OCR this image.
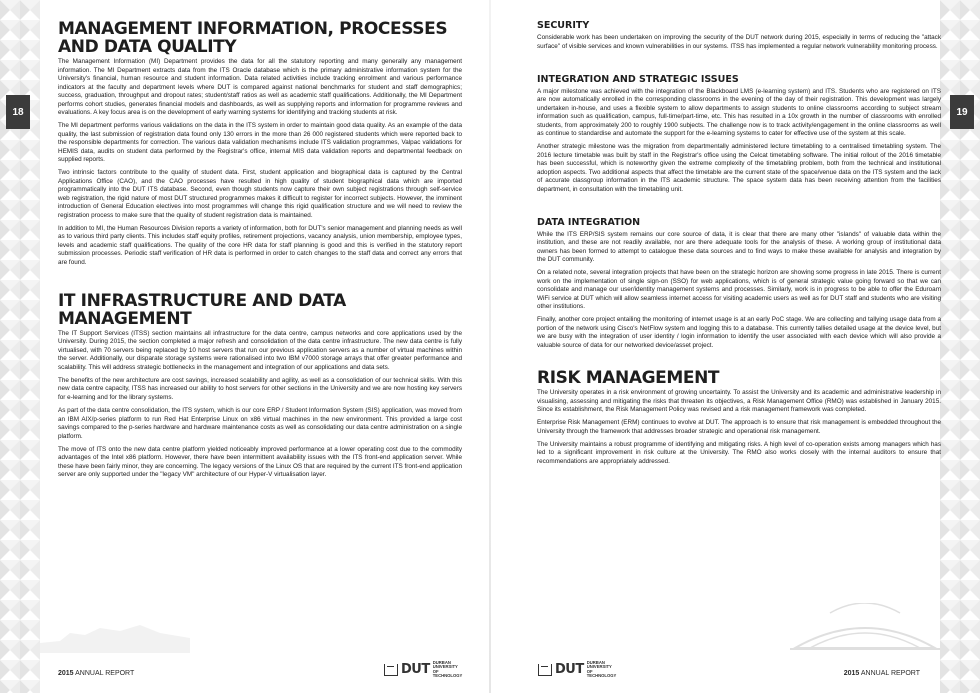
18	19
MANAGEMENT INFORMATION, PROCESSES AND DATA QUALITY

The Management Information (MI) Department provides the data for all the statutory reporting and many generally any management information. The MI Department extracts data from the ITS Oracle database which is the primary administrative information system for the University's financial, human resource and student information. Data related activities include tracking enrolment and various performance indicators at the faculty and department levels where DUT is compared against national benchmarks for student and staff demographics; success, graduation, throughput and dropout rates; student/staff ratios as well as academic staff qualifications. Additionally, the MI Department performs cohort studies, generates financial models and dashboards, as well as supplying reports and information for programme reviews and evaluations. A key focus area is on the development of early warning systems for identifying and tracking students at risk.

The MI department performs various validations on the data in the ITS system in order to maintain good data quality. As an example of the data quality, the last submission of registration data found only 130 errors in the more than 26 000 registered students which were reported back to the responsible departments for correction. The various data validation mechanisms include ITS validation programmes, Valpac validations for HEMIS data, audits on student data performed by the Registrar's office, internal MIS data validation reports and departmental feedback on supplied reports.

Two intrinsic factors contribute to the quality of student data. First, student application and biographical data is captured by the Central Applications Office (CAO), and the CAO processes have resulted in high quality of student biographical data which are imported programmatically into the DUT ITS database. Second, even though students now capture their own subject registrations through self-service web registration, the rigid nature of most DUT structured programmes makes it difficult to register for incorrect subjects. However, the imminent introduction of General Education electives into most programmes will change this rigid qualification structure and we will need to review the registration process to make sure that the quality of student registration data is maintained.

In addition to MI, the Human Resources Division reports a variety of information, both for DUT's senior management and planning needs as well as to various third party clients. This includes staff equity profiles, retirement projections, vacancy analysis, union membership, employee types, levels and academic staff qualifications. The quality of the core HR data for staff planning is good and this is verified in the statutory report submission processes. Periodic staff verification of HR data is performed in order to catch changes to the staff data and correct any errors that are found.

IT INFRASTRUCTURE AND DATA MANAGEMENT

The IT Support Services (ITSS) section maintains all infrastructure for the data centre, campus networks and core applications used by the University. During 2015, the section completed a major refresh and consolidation of the data centre infrastructure. The new data centre is fully virtualised, with 70 servers being replaced by 10 host servers that run our previous application servers as a number of virtual machines within the server. Additionally, our disparate storage systems were rationalised into two IBM v7000 storage arrays that offer greater performance and scalability. This will address strategic bottlenecks in the management and integration of our applications and data sets.

The benefits of the new architecture are cost savings, increased scalability and agility, as well as a consolidation of our technical skills. With this new data centre capacity, ITSS has increased our ability to host servers for other sections in the University and we are now hosting key servers for e-learning and for the library systems.

As part of the data centre consolidation, the ITS system, which is our core ERP / Student Information System (SIS) application, was moved from an IBM AIX/p-series platform to run Red Hat Enterprise Linux on x86 virtual machines in the new environment. This provided a large cost savings compared to the p-series hardware and hardware maintenance costs as well as consolidating our data centre administration on a single platform.

The move of ITS onto the new data centre platform yielded noticeably improved performance at a lower operating cost due to the commodity advantages of the Intel x86 platform. However, there have been intermittent availability issues with the ITS front-end application server. While these have been fairly minor, they are concerning. The legacy versions of the Linux OS that are required by the current ITS front-end application server are only supported under the "legacy VM" architecture of our Hyper-V virtualisation layer.

SECURITY

Considerable work has been undertaken on improving the security of the DUT network during 2015, especially in terms of reducing the "attack surface" of visible services and known vulnerabilities in our systems. ITSS has implemented a regular network vulnerability monitoring process.

INTEGRATION AND STRATEGIC ISSUES

A major milestone was achieved with the integration of the Blackboard LMS (e-learning system) and ITS. Students who are registered on ITS are now automatically enrolled in the corresponding classrooms in the evening of the day of their registration. This development was largely undertaken in-house, and uses a flexible system to allow departments to assign students to online classrooms according to subject stream information such as qualification, campus, full-time/part-time, etc. This has resulted in a 10x growth in the number of classrooms with enrolled students, from approximately 200 to roughly 1900 subjects. The challenge now is to track activity/engagement in the online classrooms as well as continue to standardise and automate the support for the e-learning systems to cater for effective use of the system at this scale.

Another strategic milestone was the migration from departmentally administered lecture timetabling to a centralised timetabling system. The 2016 lecture timetable was built by staff in the Registrar's office using the Celcat timetabling software. The initial rollout of the 2016 timetable has been successful, which is noteworthy given the extreme complexity of the timetabling problem, both from the technical and institutional adoption aspects. Two additional aspects that affect the timetable are the current state of the space/venue data on the ITS system and the lack of accurate classgroup information in the ITS academic structure. The space system data has been receiving attention from the facilities department, in consultation with the timetabling unit.

DATA INTEGRATION

While the ITS ERP/SIS system remains our core source of data, it is clear that there are many other "islands" of valuable data within the institution, and these are not readily available, nor are there adequate tools for the analysis of these. A working group of institutional data owners has been formed to attempt to catalogue these data sources and to find ways to make these available for analysis and integration by the DUT community.

On a related note, several integration projects that have been on the strategic horizon are showing some progress in late 2015. There is current work on the implementation of single sign-on (SSO) for web applications, which is of general strategic value going forward so that we can consolidate and manage our user/identity management systems and processes. Similarly, work is in progress to be able to offer the Eduroam WiFi service at DUT which will allow seamless internet access for visiting academic users as well as for DUT staff and students who are visiting other institutions.

Finally, another core project entailing the monitoring of internet usage is at an early PoC stage. We are collecting and tallying usage data from a portion of the network using Cisco's NetFlow system and logging this to a database. This currently tallies detailed usage at the device level, but we are busy with the integration of user identity / login information to identify the user associated with each device which will also provide a valuable source of data for our networked device/asset project.

RISK MANAGEMENT

The University operates in a risk environment of growing uncertainty. To assist the University and its academic and administrative leadership in visualising, assessing and mitigating the risks that threaten its objectives, a Risk Management Office (RMO) was established in January 2015. Since its establishment, the Risk Management Policy was revised and a risk management framework was completed.

Enterprise Risk Management (ERM) continues to evolve at DUT. The approach is to ensure that risk management is embedded throughout the University through the framework that addresses broader strategic and operational risk management.

The University maintains a robust programme of identifying and mitigating risks. A high level of co-operation exists among managers which has led to a significant improvement in risk culture at the University. The RMO also works closely with the internal auditors to ensure that recommendations are appropriately addressed.

2015 ANNUAL REPORT	2015 ANNUAL REPORT
DUT
DURBAN UNIVERSITY OF TECHNOLOGY	DUT
DURBAN UNIVERSITY OF TECHNOLOGY
